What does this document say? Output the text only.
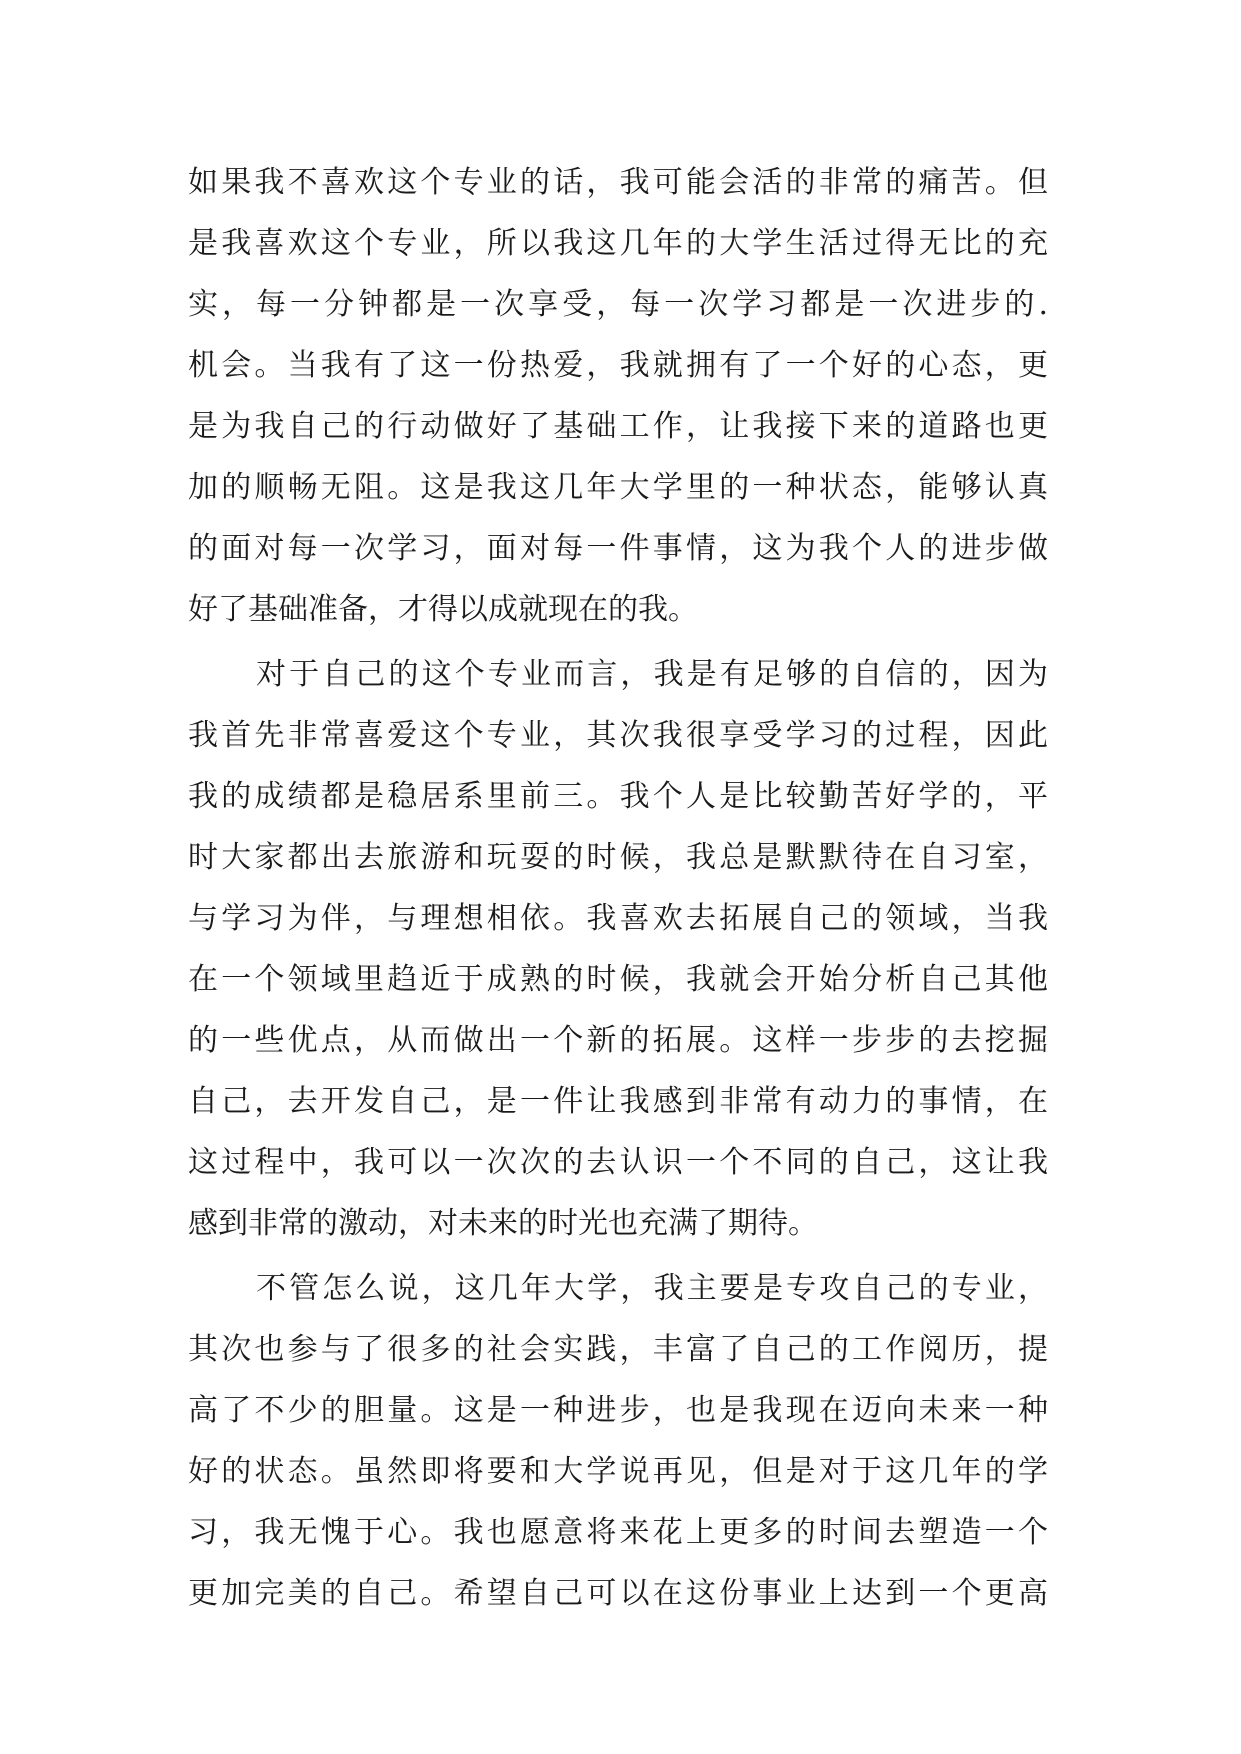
如果我不喜欢这个专业的话，我可能会活的非常的痛苦。但
是我喜欢这个专业，所以我这几年的大学生活过得无比的充
实，每一分钟都是一次享受，每一次学习都是一次进步的.
机会。当我有了这一份热爱，我就拥有了一个好的心态，更
是为我自己的行动做好了基础工作，让我接下来的道路也更
加的顺畅无阻。这是我这几年大学里的一种状态，能够认真
的面对每一次学习，面对每一件事情，这为我个人的进步做
好了基础准备，才得以成就现在的我。
对于自己的这个专业而言，我是有足够的自信的，因为
我首先非常喜爱这个专业，其次我很享受学习的过程，因此
我的成绩都是稳居系里前三。我个人是比较勤苦好学的，平
时大家都出去旅游和玩耍的时候，我总是默默待在自习室，
与学习为伴，与理想相依。我喜欢去拓展自己的领域，当我
在一个领域里趋近于成熟的时候，我就会开始分析自己其他
的一些优点，从而做出一个新的拓展。这样一步步的去挖掘
自己，去开发自己，是一件让我感到非常有动力的事情，在
这过程中，我可以一次次的去认识一个不同的自己，这让我
感到非常的激动，对未来的时光也充满了期待。
不管怎么说，这几年大学，我主要是专攻自己的专业，
其次也参与了很多的社会实践，丰富了自己的工作阅历，提
高了不少的胆量。这是一种进步，也是我现在迈向未来一种
好的状态。虽然即将要和大学说再见，但是对于这几年的学
习，我无愧于心。我也愿意将来花上更多的时间去塑造一个
更加完美的自己。希望自己可以在这份事业上达到一个更高
